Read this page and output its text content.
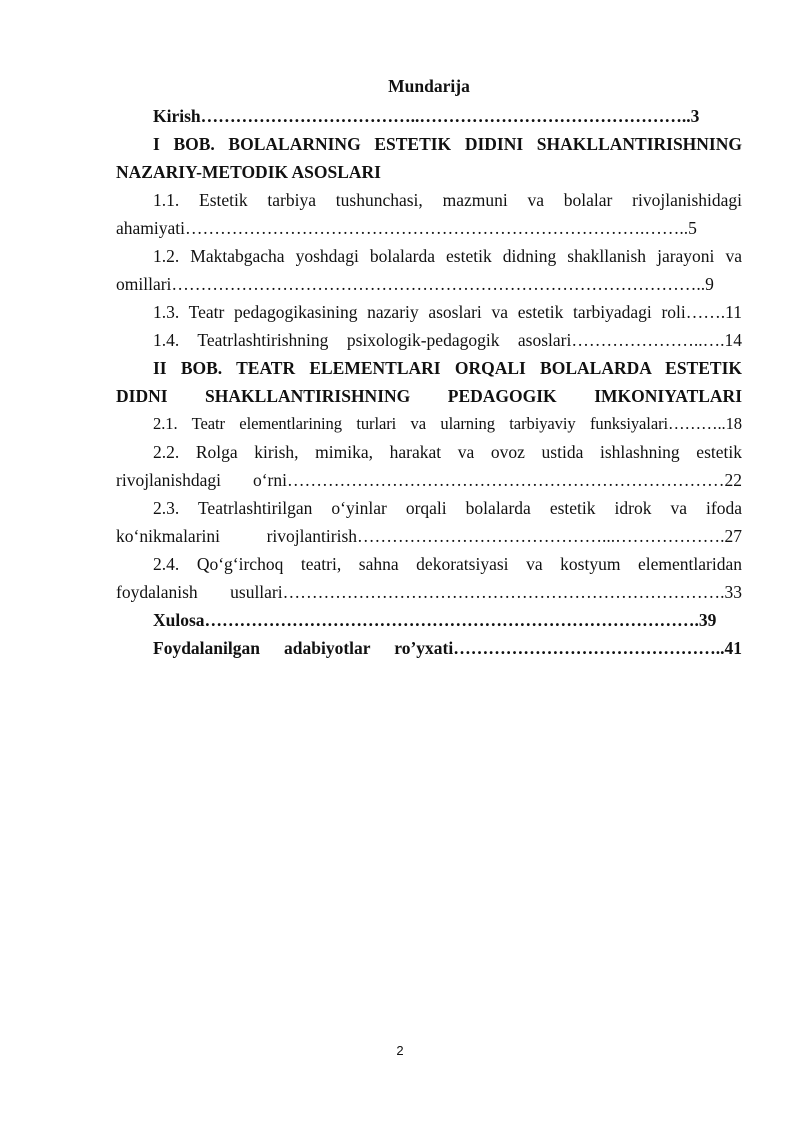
Mundarija
Kirish………………………………..………………………………………..3
I BOB. BOLALARNING ESTETIK DIDINI SHAKLLANTIRISHNING
NAZARIY-METODIK ASOSLARI
1.1. Estetik tarbiya tushunchasi, mazmuni va bolalar rivojlanishidagi
ahamiyati…………………………………………………………………….……..5
1.2. Maktabgacha yoshdagi bolalarda estetik didning shakllanish jarayoni va
omillari………………………………………………………………………………..9
1.3. Teatr pedagogikasining nazariy asoslari va estetik tarbiyadagi roli…….11
1.4. Teatrlashtirishning psixologik-pedagogik asoslari…………………..….14
II BOB. TEATR ELEMENTLARI ORQALI BOLALARDA ESTETIK
DIDNI SHAKLLANTIRISHNING PEDAGOGIK IMKONIYATLARI
2.1. Teatr elementlarining turlari va ularning tarbiyaviy funksiyalari………..18
2.2. Rolga kirish, mimika, harakat va ovoz ustida ishlashning estetik
rivojlanishdagi o‘rni…………………………………………………………………22
2.3. Teatrlashtirilgan o‘yinlar orqali bolalarda estetik idrok va ifoda
ko‘nikmalarini rivojlantirish……………………………………...……………….27
2.4. Qo‘g‘irchoq teatri, sahna dekoratsiyasi va kostyum elementlaridan
foydalanish usullari………………………………………………………………….33
Xulosa………………………………………………………………………….39
Foydalanilgan adabiyotlar ro’yxati………………………………………..41
2
